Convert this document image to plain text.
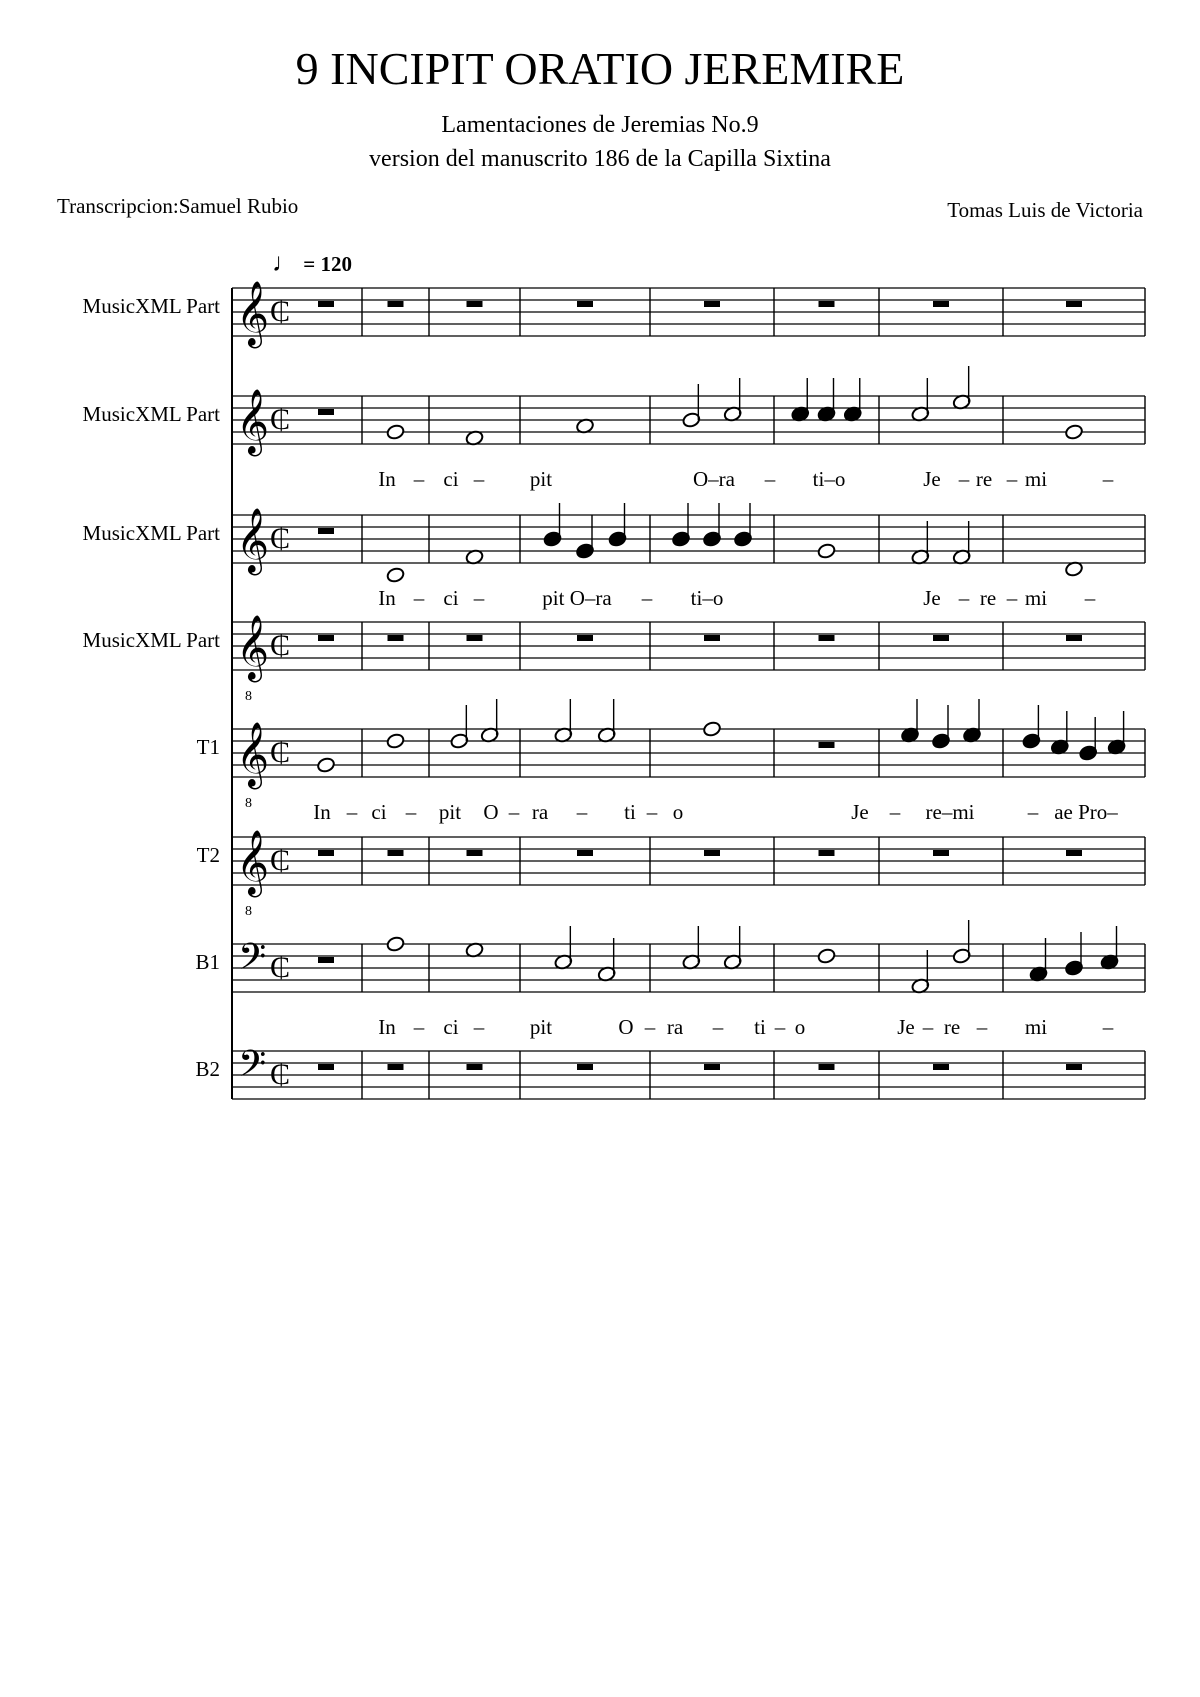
9 INCIPIT ORATIO JEREMIRE
Lamentaciones de Jeremias No.9
version del manuscrito 186 de la Capilla Sixtina
Transcripcion:Samuel Rubio	Tomas Luis de Victoria
♩ = 120
MusicXML Part
MusicXML Part
MusicXML Part
MusicXML Part
T1
T2
B1
B2
𝄞 ₵
𝄞 ₵
In – ci – pit	O–ra – ti–o	Je – re – mi	–
𝄞 ₵
In – ci –	pit O–ra – ti–o	Je – re – mi –
𝄞
8
₵
𝄞
8
₵
In – ci – pit O – ra – ti – o	Je – re–mi	– ae Pro–
𝄞
8
₵
𝄢 ₵
In – ci – pit	O – ra – ti – o	Je – re – mi	–
𝄢 ₵
